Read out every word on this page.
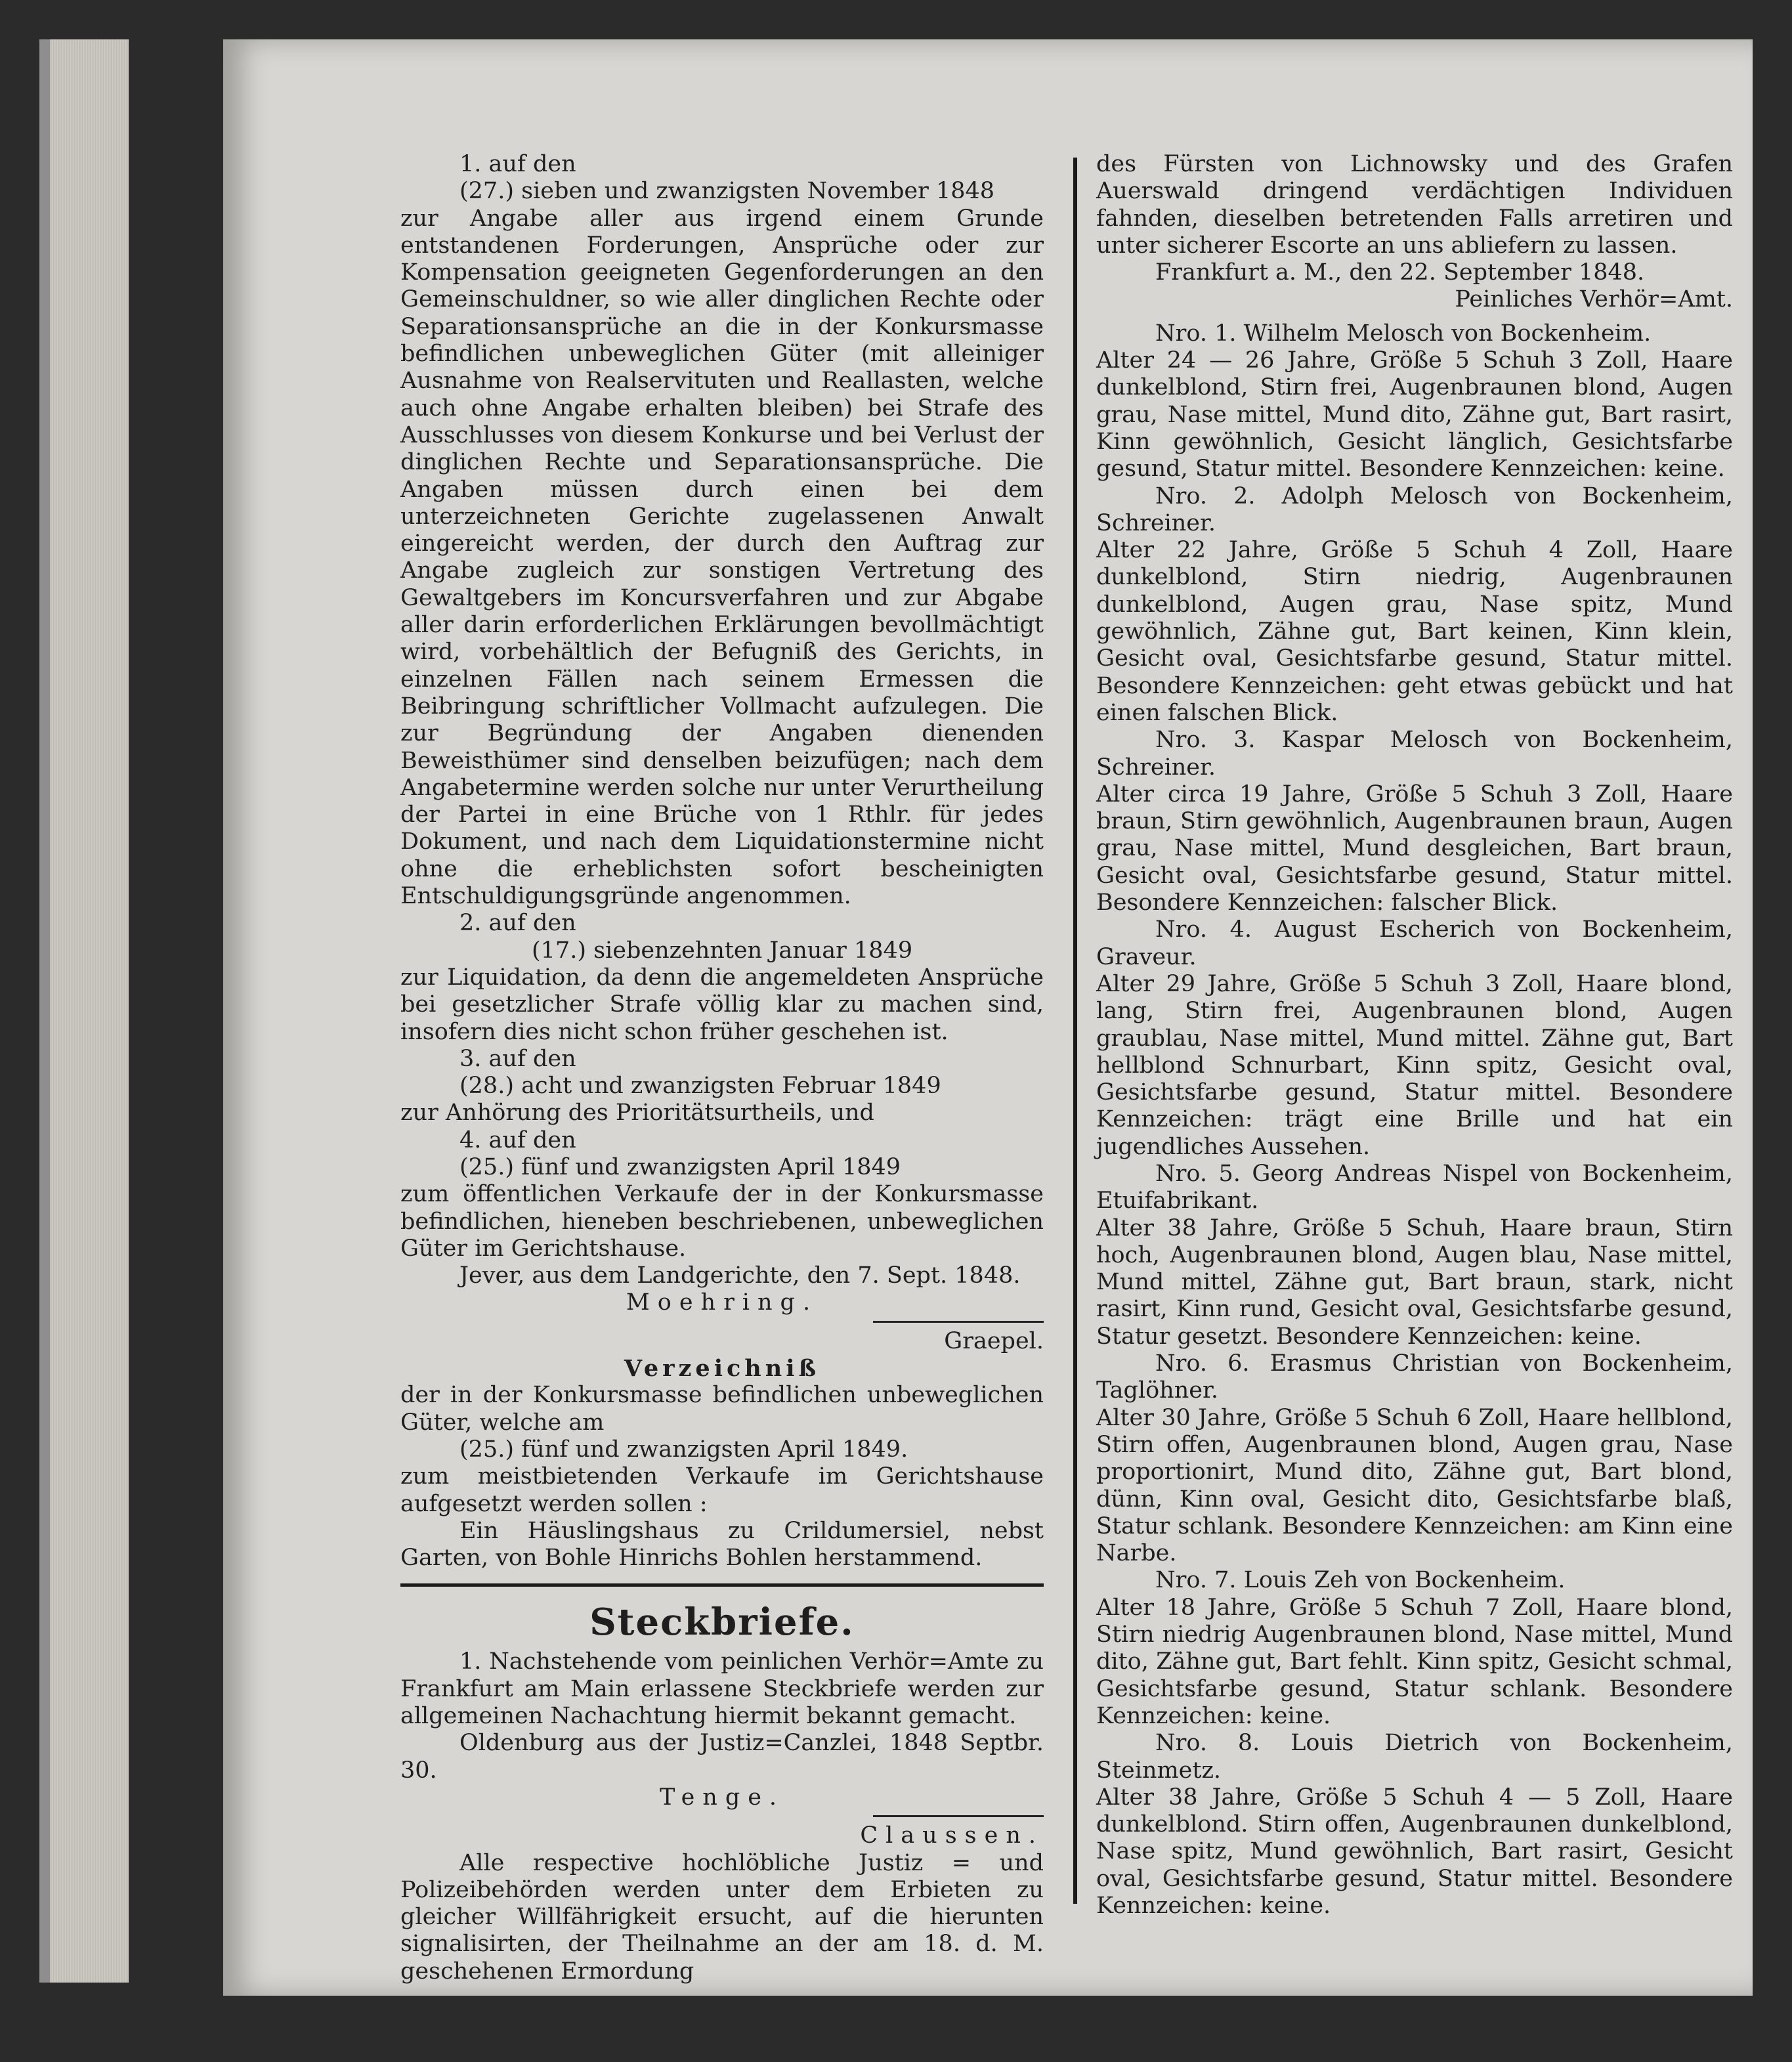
1. auf den

(27.) sieben und zwanzigsten November 1848

zur Angabe aller aus irgend einem Grunde entstandenen Forderungen, Ansprüche oder zur Kompensation geeigneten Gegenforderungen an den Gemeinschuldner, so wie aller dinglichen Rechte oder Separationsansprüche an die in der Konkursmasse befindlichen unbeweglichen Güter (mit alleiniger Ausnahme von Realservituten und Reallasten, welche auch ohne Angabe erhalten bleiben) bei Strafe des Ausschlusses von diesem Konkurse und bei Verlust der dinglichen Rechte und Separationsansprüche. Die Angaben müssen durch einen bei dem unterzeichneten Gerichte zugelassenen Anwalt eingereicht werden, der durch den Auftrag zur Angabe zugleich zur sonstigen Vertretung des Gewaltgebers im Koncursverfahren und zur Abgabe aller darin erforderlichen Erklärungen bevollmächtigt wird, vorbehältlich der Befugniß des Gerichts, in einzelnen Fällen nach seinem Ermessen die Beibringung schriftlicher Vollmacht aufzulegen. Die zur Begründung der Angaben dienenden Beweisthümer sind denselben beizufügen; nach dem Angabetermine werden solche nur unter Verurtheilung der Partei in eine Brüche von 1 Rthlr. für jedes Dokument, und nach dem Liquidationstermine nicht ohne die erheblichsten sofort bescheinigten Entschuldigungsgründe angenommen.

2. auf den

(17.) siebenzehnten Januar 1849

zur Liquidation, da denn die angemeldeten Ansprüche bei gesetzlicher Strafe völlig klar zu machen sind, insofern dies nicht schon früher geschehen ist.

3. auf den

(28.) acht und zwanzigsten Februar 1849

zur Anhörung des Prioritätsurtheils, und

4. auf den

(25.) fünf und zwanzigsten April 1849

zum öffentlichen Verkaufe der in der Konkursmasse befindlichen, hieneben beschriebenen, unbeweglichen Güter im Gerichtshause.

Jever, aus dem Landgerichte, den 7. Sept. 1848.

Moehring.

Graepel.

Verzeichniß

der in der Konkursmasse befindlichen unbeweglichen Güter, welche am

(25.) fünf und zwanzigsten April 1849.

zum meistbietenden Verkaufe im Gerichtshause aufgesetzt werden sollen :

Ein Häuslingshaus zu Crildumersiel, nebst Garten, von Bohle Hinrichs Bohlen herstammend.

Steckbriefe.

1. Nachstehende vom peinlichen Verhör=Amte zu Frankfurt am Main erlassene Steckbriefe werden zur allgemeinen Nachachtung hiermit bekannt gemacht.

Oldenburg aus der Justiz=Canzlei, 1848 Septbr. 30.

Tenge.

Claussen.

Alle respective hochlöbliche Justiz = und Polizeibehörden werden unter dem Erbieten zu gleicher Willfährigkeit ersucht, auf die hierunten signalisirten, der Theilnahme an der am 18. d. M. geschehenen Ermordung

des Fürsten von Lichnowsky und des Grafen Auerswald dringend verdächtigen Individuen fahnden, dieselben betretenden Falls arretiren und unter sicherer Escorte an uns abliefern zu lassen.

Frankfurt a. M., den 22. September 1848.

Peinliches Verhör=Amt.

Nro. 1. Wilhelm Melosch von Bockenheim.

Alter 24 — 26 Jahre, Größe 5 Schuh 3 Zoll, Haare dunkelblond, Stirn frei, Augenbraunen blond, Augen grau, Nase mittel, Mund dito, Zähne gut, Bart rasirt, Kinn gewöhnlich, Gesicht länglich, Gesichtsfarbe gesund, Statur mittel. Besondere Kennzeichen: keine.

Nro. 2. Adolph Melosch von Bockenheim, Schreiner.

Alter 22 Jahre, Größe 5 Schuh 4 Zoll, Haare dunkelblond, Stirn niedrig, Augenbraunen dunkelblond, Augen grau, Nase spitz, Mund gewöhnlich, Zähne gut, Bart keinen, Kinn klein, Gesicht oval, Gesichtsfarbe gesund, Statur mittel. Besondere Kennzeichen: geht etwas gebückt und hat einen falschen Blick.

Nro. 3. Kaspar Melosch von Bockenheim, Schreiner.

Alter circa 19 Jahre, Größe 5 Schuh 3 Zoll, Haare braun, Stirn gewöhnlich, Augenbraunen braun, Augen grau, Nase mittel, Mund desgleichen, Bart braun, Gesicht oval, Gesichtsfarbe gesund, Statur mittel. Besondere Kennzeichen: falscher Blick.

Nro. 4. August Escherich von Bockenheim, Graveur.

Alter 29 Jahre, Größe 5 Schuh 3 Zoll, Haare blond, lang, Stirn frei, Augenbraunen blond, Augen graublau, Nase mittel, Mund mittel. Zähne gut, Bart hellblond Schnurbart, Kinn spitz, Gesicht oval, Gesichtsfarbe gesund, Statur mittel. Besondere Kennzeichen: trägt eine Brille und hat ein jugendliches Aussehen.

Nro. 5. Georg Andreas Nispel von Bockenheim, Etuifabrikant.

Alter 38 Jahre, Größe 5 Schuh, Haare braun, Stirn hoch, Augenbraunen blond, Augen blau, Nase mittel, Mund mittel, Zähne gut, Bart braun, stark, nicht rasirt, Kinn rund, Gesicht oval, Gesichtsfarbe gesund, Statur gesetzt. Besondere Kennzeichen: keine.

Nro. 6. Erasmus Christian von Bockenheim, Taglöhner.

Alter 30 Jahre, Größe 5 Schuh 6 Zoll, Haare hellblond, Stirn offen, Augenbraunen blond, Augen grau, Nase proportionirt, Mund dito, Zähne gut, Bart blond, dünn, Kinn oval, Gesicht dito, Gesichtsfarbe blaß, Statur schlank. Besondere Kennzeichen: am Kinn eine Narbe.

Nro. 7. Louis Zeh von Bockenheim.

Alter 18 Jahre, Größe 5 Schuh 7 Zoll, Haare blond, Stirn niedrig Augenbraunen blond, Nase mittel, Mund dito, Zähne gut, Bart fehlt. Kinn spitz, Gesicht schmal, Gesichtsfarbe gesund, Statur schlank. Besondere Kennzeichen: keine.

Nro. 8. Louis Dietrich von Bockenheim, Steinmetz.

Alter 38 Jahre, Größe 5 Schuh 4 — 5 Zoll, Haare dunkelblond. Stirn offen, Augenbraunen dunkelblond, Nase spitz, Mund gewöhnlich, Bart rasirt, Gesicht oval, Gesichtsfarbe gesund, Statur mittel. Besondere Kennzeichen: keine.
